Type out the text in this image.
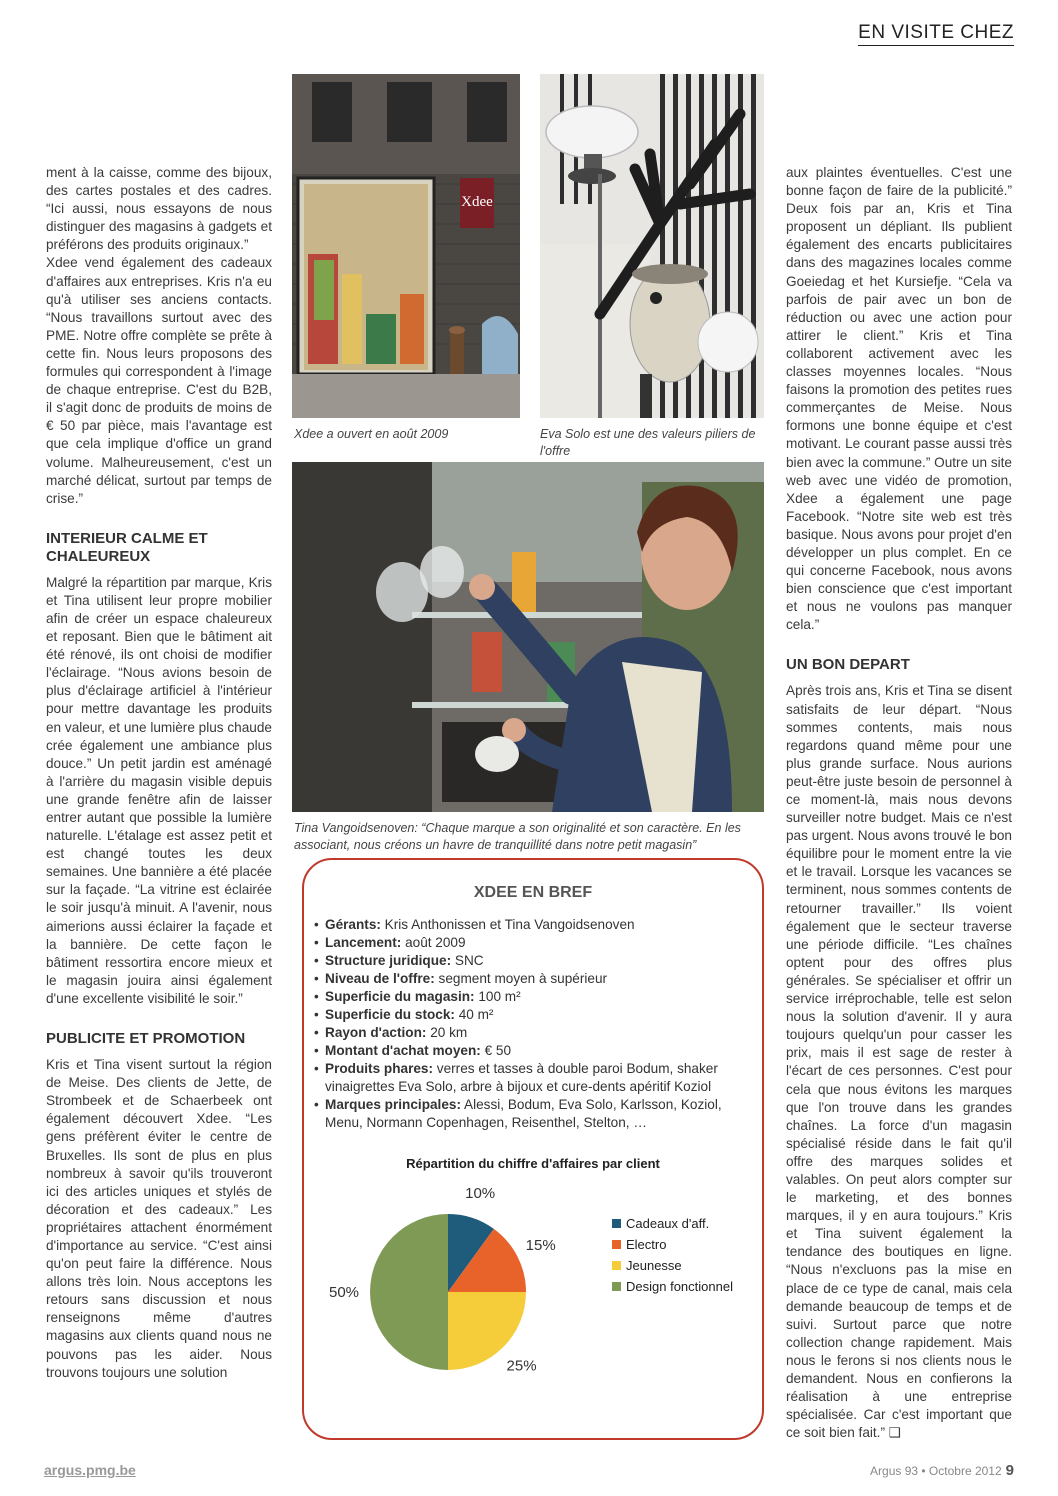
EN VISITE CHEZ

ment à la caisse, comme des bijoux, des cartes postales et des cadres. “Ici aussi, nous essayons de nous distinguer des magasins à gadgets et préférons des produits originaux.”

Xdee vend également des cadeaux d'affaires aux entreprises. Kris n'a eu qu'à utiliser ses anciens contacts. “Nous travaillons surtout avec des PME. Notre offre complète se prête à cette fin. Nous leurs proposons des formules qui correspondent à l'image de chaque entreprise. C'est du B2B, il s'agit donc de produits de moins de € 50 par pièce, mais l'avantage est que cela implique d'office un grand volume. Malheureusement, c'est un marché délicat, surtout par temps de crise.”

INTERIEUR CALME ET CHALEUREUX

Malgré la répartition par marque, Kris et Tina utilisent leur propre mobilier afin de créer un espace chaleureux et reposant. Bien que le bâtiment ait été rénové, ils ont choisi de modifier l'éclairage. “Nous avions besoin de plus d'éclairage artificiel à l'intérieur pour mettre davantage les produits en valeur, et une lumière plus chaude crée également une ambiance plus douce.” Un petit jardin est aménagé à l'arrière du magasin visible depuis une grande fenêtre afin de laisser entrer autant que possible la lumière naturelle. L'étalage est assez petit et est changé toutes les deux semaines. Une bannière a été placée sur la façade. “La vitrine est éclairée le soir jusqu'à minuit. A l'avenir, nous aimerions aussi éclairer la façade et la bannière. De cette façon le bâtiment ressortira encore mieux et le magasin jouira ainsi également d'une excellente visibilité le soir.”

PUBLICITE ET PROMOTION

Kris et Tina visent surtout la région de Meise. Des clients de Jette, de Strombeek et de Schaerbeek ont également découvert Xdee. “Les gens préfèrent éviter le centre de Bruxelles. Ils sont de plus en plus nombreux à savoir qu'ils trouveront ici des articles uniques et stylés de décoration et des cadeaux.” Les propriétaires attachent énormément d'importance au service. “C'est ainsi qu'on peut faire la différence. Nous allons très loin. Nous acceptons les retours sans discussion et nous renseignons même d'autres magasins aux clients quand nous ne pouvons pas les aider. Nous trouvons toujours une solution

Xdee
Xdee a ouvert en août 2009	Eva Solo est une des valeurs piliers de l'offre
Tina Vangoidsenoven: “Chaque marque a son originalité et son caractère. En les associant, nous créons un havre de tranquillité dans notre petit magasin”
XDEE EN BREF
• Gérants: Kris Anthonissen et Tina Vangoidsenoven
• Lancement: août 2009
• Structure juridique: SNC
• Niveau de l'offre: segment moyen à supérieur
• Superficie du magasin: 100 m²
• Superficie du stock: 40 m²
• Rayon d'action: 20 km
• Montant d'achat moyen: € 50
• Produits phares: verres et tasses à double paroi Bodum, shaker vinaigrettes Eva Solo, arbre à bijoux et cure-dents apéritif Koziol
• Marques principales: Alessi, Bodum, Eva Solo, Karlsson, Koziol, Menu, Normann Copenhagen, Reisenthel, Stelton, …
Répartition du chiffre d'affaires par client
10%
15%
25%
50%
Cadeaux d'aff.
Electro
Jeunesse
Design fonctionnel

aux plaintes éventuelles. C'est une bonne façon de faire de la publicité.” Deux fois par an, Kris et Tina proposent un dépliant. Ils publient également des encarts publicitaires dans des magazines locales comme Goeiedag et het Kursiefje. “Cela va parfois de pair avec un bon de réduction ou avec une action pour attirer le client.” Kris et Tina collaborent activement avec les classes moyennes locales. “Nous faisons la promotion des petites rues commerçantes de Meise. Nous formons une bonne équipe et c'est motivant. Le courant passe aussi très bien avec la commune.” Outre un site web avec une vidéo de promotion, Xdee a également une page Facebook. “Notre site web est très basique. Nous avons pour projet d'en développer un plus complet. En ce qui concerne Facebook, nous avons bien conscience que c'est important et nous ne voulons pas manquer cela.”

UN BON DEPART

Après trois ans, Kris et Tina se disent satisfaits de leur départ. “Nous sommes contents, mais nous regardons quand même pour une plus grande surface. Nous aurions peut-être juste besoin de personnel à ce moment-là, mais nous devons surveiller notre budget. Mais ce n'est pas urgent. Nous avons trouvé le bon équilibre pour le moment entre la vie et le travail. Lorsque les vacances se terminent, nous sommes contents de retourner travailler.” Ils voient également que le secteur traverse une période difficile. “Les chaînes optent pour des offres plus générales. Se spécialiser et offrir un service irréprochable, telle est selon nous la solution d'avenir. Il y aura toujours quelqu'un pour casser les prix, mais il est sage de rester à l'écart de ces personnes. C'est pour cela que nous évitons les marques que l'on trouve dans les grandes chaînes. La force d'un magasin spécialisé réside dans le fait qu'il offre des marques solides et valables. On peut alors compter sur le marketing, et des bonnes marques, il y en aura toujours.” Kris et Tina suivent également la tendance des boutiques en ligne. “Nous n'excluons pas la mise en place de ce type de canal, mais cela demande beaucoup de temps et de suivi. Surtout parce que notre collection change rapidement. Mais nous le ferons si nos clients nous le demandent. Nous en confierons la réalisation à une entreprise spécialisée. Car c'est important que ce soit bien fait.” ❑

argus.pmg.be	Argus 93 • Octobre 2012 9
